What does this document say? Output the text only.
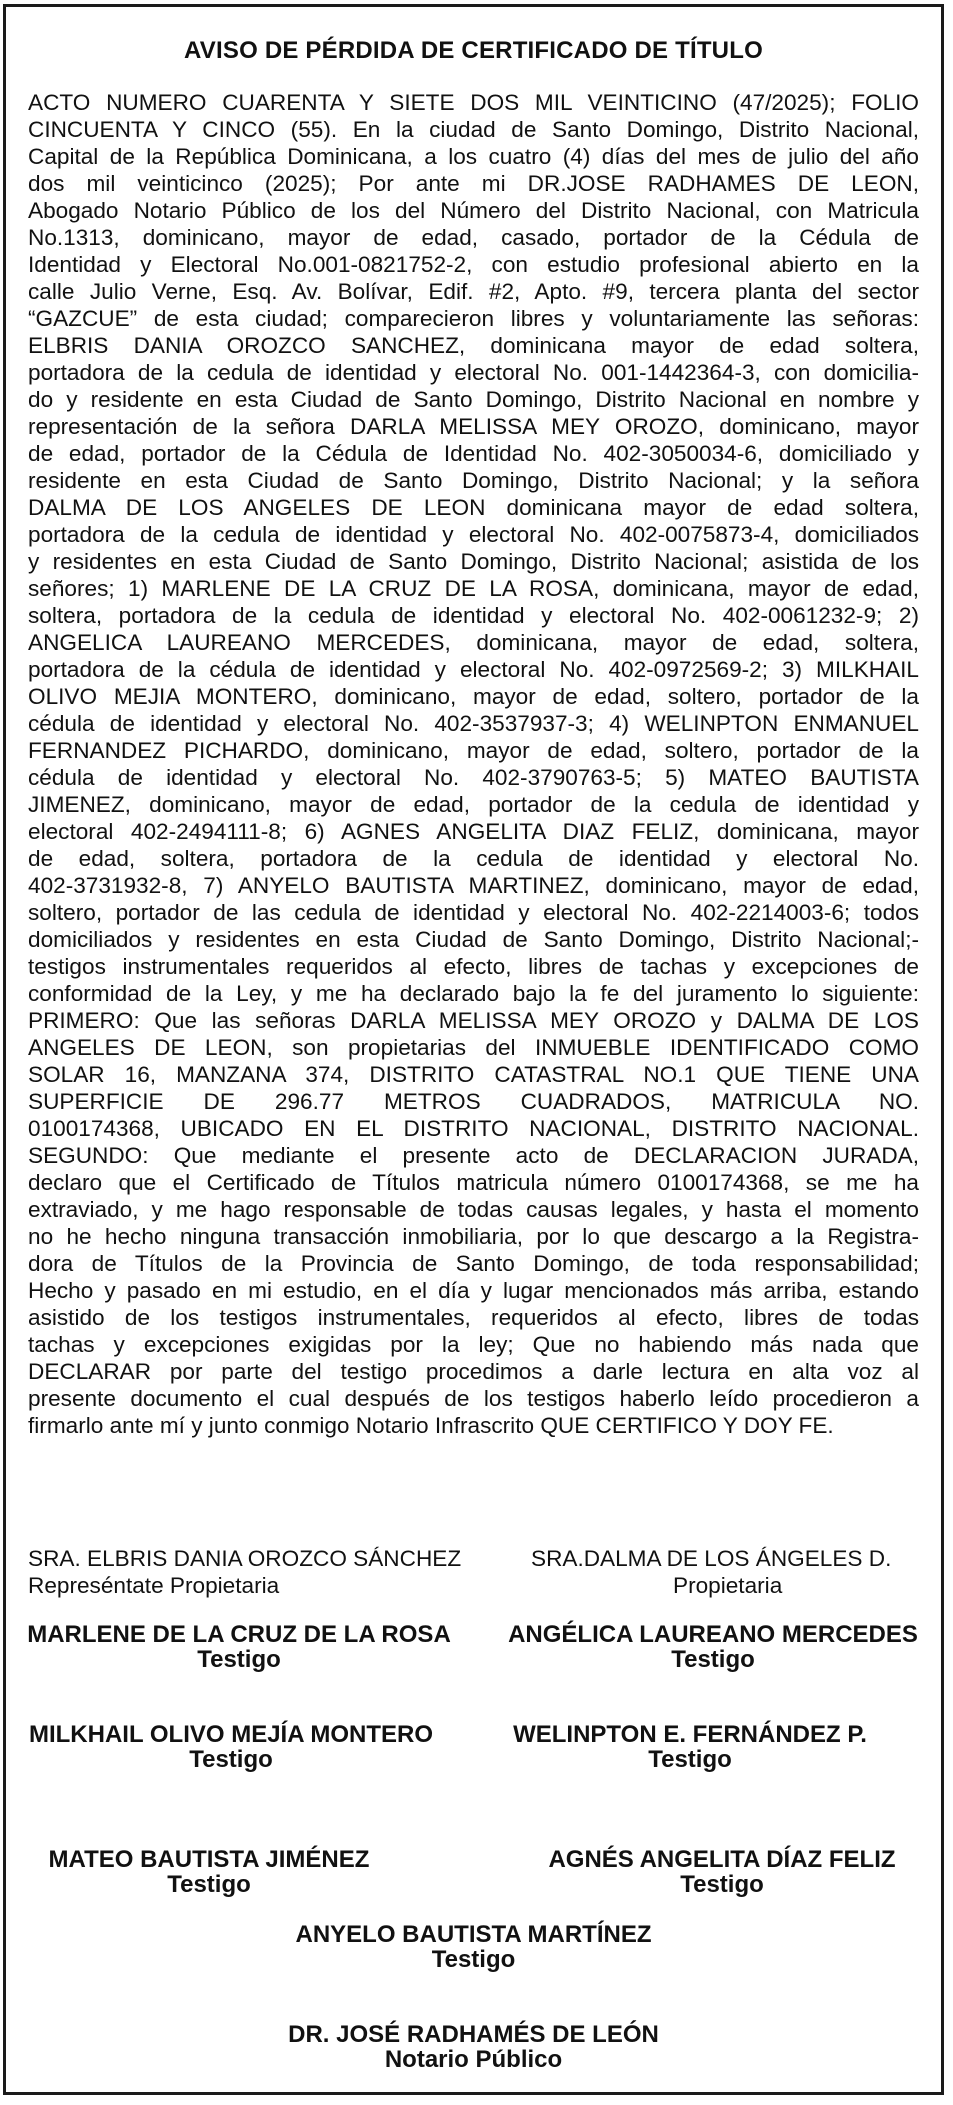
AVISO DE PÉRDIDA DE CERTIFICADO DE TÍTULO

ACTO NUMERO CUARENTA Y SIETE DOS MIL VEINTICINO (47/2025); FOLIO

CINCUENTA Y CINCO (55). En la ciudad de Santo Domingo, Distrito Nacional,

Capital de la República Dominicana, a los cuatro (4) días del mes de julio del año

dos mil veinticinco (2025); Por ante mi DR.JOSE RADHAMES DE LEON,

Abogado Notario Público de los del Número del Distrito Nacional, con Matricula

No.1313, dominicano, mayor de edad, casado, portador de la Cédula de

Identidad y Electoral No.001-0821752-2, con estudio profesional abierto en la

calle Julio Verne, Esq. Av. Bolívar, Edif. #2, Apto. #9, tercera planta del sector

“GAZCUE” de esta ciudad; comparecieron libres y voluntariamente las señoras:

ELBRIS DANIA OROZCO SANCHEZ, dominicana mayor de edad soltera,

portadora de la cedula de identidad y electoral No. 001-1442364-3, con domicilia-

do y residente en esta Ciudad de Santo Domingo, Distrito Nacional en nombre y

representación de la señora DARLA MELISSA MEY OROZO, dominicano, mayor

de edad, portador de la Cédula de Identidad No. 402-3050034-6, domiciliado y

residente en esta Ciudad de Santo Domingo, Distrito Nacional; y la señora

DALMA DE LOS ANGELES DE LEON dominicana mayor de edad soltera,

portadora de la cedula de identidad y electoral No. 402-0075873-4, domiciliados

y residentes en esta Ciudad de Santo Domingo, Distrito Nacional; asistida de los

señores; 1) MARLENE DE LA CRUZ DE LA ROSA, dominicana, mayor de edad,

soltera, portadora de la cedula de identidad y electoral No. 402-0061232-9; 2)

ANGELICA LAUREANO MERCEDES, dominicana, mayor de edad, soltera,

portadora de la cédula de identidad y electoral No. 402-0972569-2; 3) MILKHAIL

OLIVO MEJIA MONTERO, dominicano, mayor de edad, soltero, portador de la

cédula de identidad y electoral No. 402-3537937-3; 4) WELINPTON ENMANUEL

FERNANDEZ PICHARDO, dominicano, mayor de edad, soltero, portador de la

cédula de identidad y electoral No. 402-3790763-5; 5) MATEO BAUTISTA

JIMENEZ, dominicano, mayor de edad, portador de la cedula de identidad y

electoral 402-2494111-8; 6) AGNES ANGELITA DIAZ FELIZ, dominicana, mayor

de edad, soltera, portadora de la cedula de identidad y electoral No.

402-3731932-8, 7) ANYELO BAUTISTA MARTINEZ, dominicano, mayor de edad,

soltero, portador de las cedula de identidad y electoral No. 402-2214003-6; todos

domiciliados y residentes en esta Ciudad de Santo Domingo, Distrito Nacional;-

testigos instrumentales requeridos al efecto, libres de tachas y excepciones de

conformidad de la Ley, y me ha declarado bajo la fe del juramento lo siguiente:

PRIMERO: Que las señoras DARLA MELISSA MEY OROZO y DALMA DE LOS

ANGELES DE LEON, son propietarias del INMUEBLE IDENTIFICADO COMO

SOLAR 16, MANZANA 374, DISTRITO CATASTRAL NO.1 QUE TIENE UNA

SUPERFICIE DE 296.77 METROS CUADRADOS, MATRICULA NO.

0100174368, UBICADO EN EL DISTRITO NACIONAL, DISTRITO NACIONAL.

SEGUNDO: Que mediante el presente acto de DECLARACION JURADA,

declaro que el Certificado de Títulos matricula número 0100174368, se me ha

extraviado, y me hago responsable de todas causas legales, y hasta el momento

no he hecho ninguna transacción inmobiliaria, por lo que descargo a la Registra-

dora de Títulos de la Provincia de Santo Domingo, de toda responsabilidad;

Hecho y pasado en mi estudio, en el día y lugar mencionados más arriba, estando

asistido de los testigos instrumentales, requeridos al efecto, libres de todas

tachas y excepciones exigidas por la ley; Que no habiendo más nada que

DECLARAR por parte del testigo procedimos a darle lectura en alta voz al

presente documento el cual después de los testigos haberlo leído procedieron a

firmarlo ante mí y junto conmigo Notario Infrascrito QUE CERTIFICO Y DOY FE.

SRA. ELBRIS DANIA OROZCO SÁNCHEZ
Represéntate Propietaria
SRA.DALMA DE LOS ÁNGELES D.
Propietaria
MARLENE DE LA CRUZ DE LA ROSA
Testigo
ANGÉLICA LAUREANO MERCEDES
Testigo
MILKHAIL OLIVO MEJÍA MONTERO
Testigo
WELINPTON E. FERNÁNDEZ P.
Testigo
MATEO BAUTISTA JIMÉNEZ
Testigo
AGNÉS ANGELITA DÍAZ FELIZ
Testigo
ANYELO BAUTISTA MARTÍNEZ
Testigo
DR. JOSÉ RADHAMÉS DE LEÓN
Notario Público
